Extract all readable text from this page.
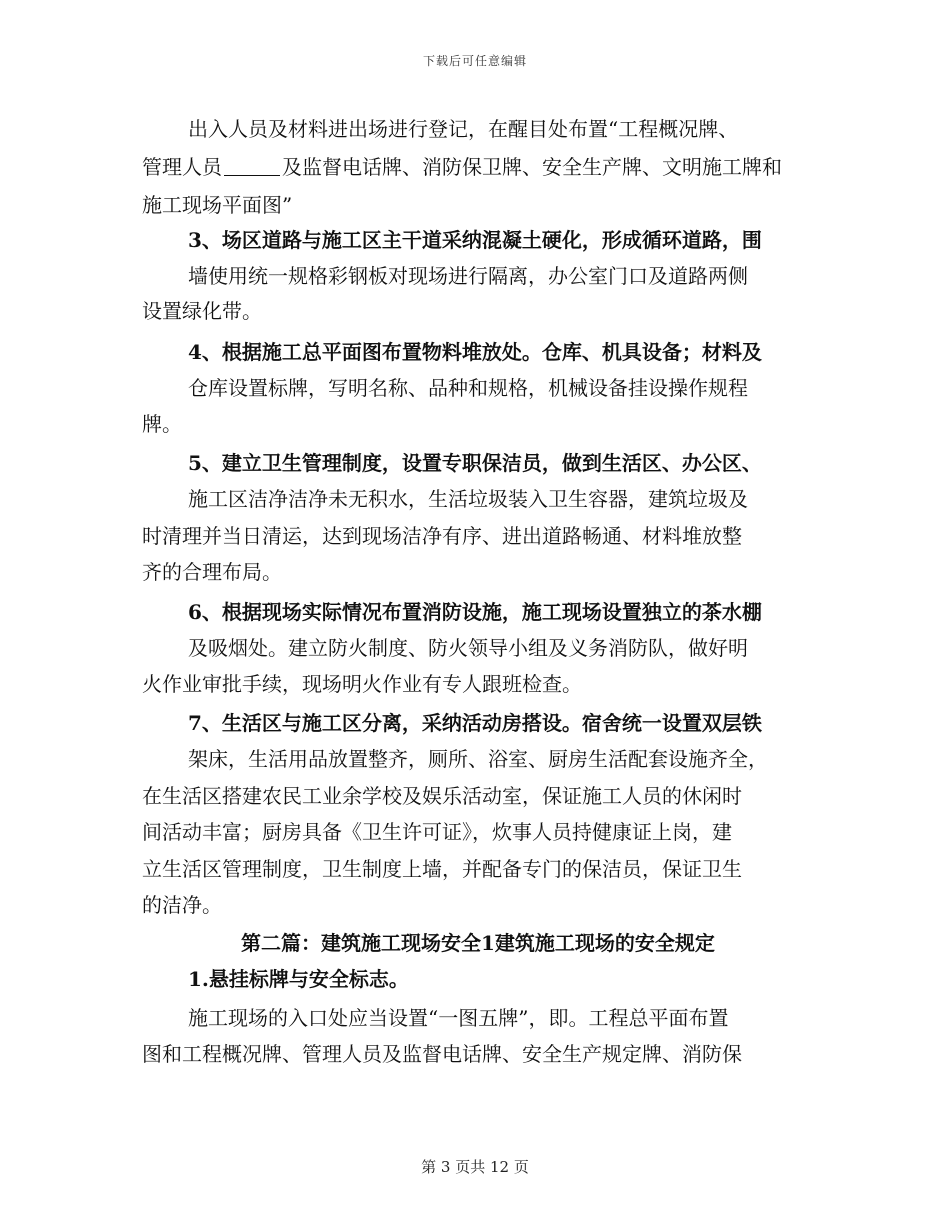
下载后可任意编辑
出入人员及材料进出场进行登记，在醒目处布置“工程概况牌、
管理人员	及监督电话牌、消防保卫牌、安全生产牌、文明施工牌和
施工现场平面图”
3、场区道路与施工区主干道采纳混凝土硬化，形成循环道路，围
墙使用统一规格彩钢板对现场进行隔离，办公室门口及道路两侧
设置绿化带。
4、根据施工总平面图布置物料堆放处。仓库、机具设备；材料及
仓库设置标牌，写明名称、品种和规格，机械设备挂设操作规程
牌。
5、建立卫生管理制度，设置专职保洁员，做到生活区、办公区、
施工区洁净洁净未无积水，生活垃圾装入卫生容器，建筑垃圾及
时清理并当日清运，达到现场洁净有序、进出道路畅通、材料堆放整
齐的合理布局。
6、根据现场实际情况布置消防设施，施工现场设置独立的茶水棚
及吸烟处。建立防火制度、防火领导小组及义务消防队，做好明
火作业审批手续，现场明火作业有专人跟班检查。
7、生活区与施工区分离，采纳活动房搭设。宿舍统一设置双层铁
架床，生活用品放置整齐，厕所、浴室、厨房生活配套设施齐全，
在生活区搭建农民工业余学校及娱乐活动室，保证施工人员的休闲时
间活动丰富；厨房具备《卫生许可证》，炊事人员持健康证上岗，建
立生活区管理制度，卫生制度上墙，并配备专门的保洁员，保证卫生
的洁净。
第二篇：建筑施工现场安全1建筑施工现场的安全规定
1.悬挂标牌与安全标志。
施工现场的入口处应当设置“一图五牌”，即。工程总平面布置
图和工程概况牌、管理人员及监督电话牌、安全生产规定牌、消防保
第 3 页共 12 页
